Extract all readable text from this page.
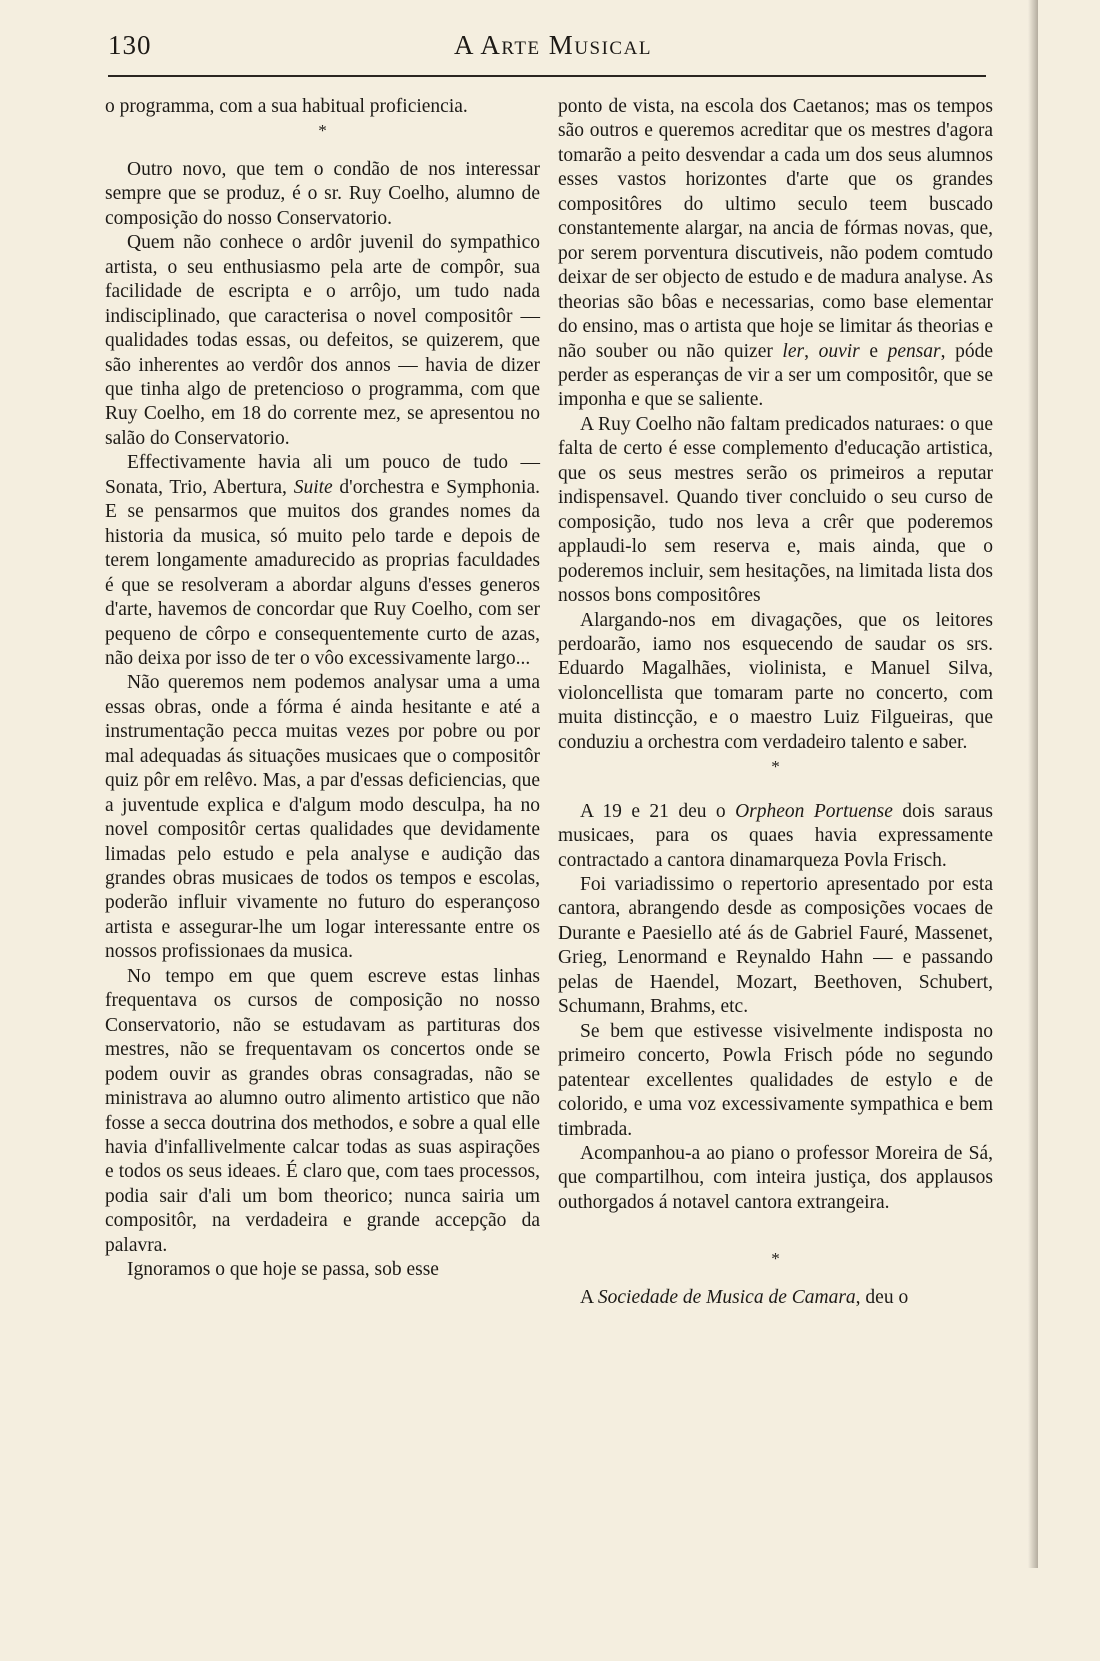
130	A Arte Musical

o programma, com a sua habitual proficiencia.

*

Outro novo, que tem o condão de nos interessar sempre que se produz, é o sr. Ruy Coelho, alumno de composição do nosso Conservatorio.

Quem não conhece o ardôr juvenil do sympathico artista, o seu enthusiasmo pela arte de compôr, sua facilidade de escripta e o arrôjo, um tudo nada indisciplinado, que caracterisa o novel compositôr — qualidades todas essas, ou defeitos, se quizerem, que são inherentes ao verdôr dos annos — havia de dizer que tinha algo de pretencioso o programma, com que Ruy Coelho, em 18 do corrente mez, se apresentou no salão do Conservatorio.

Effectivamente havia ali um pouco de tudo — Sonata, Trio, Abertura, Suite d'orchestra e Symphonia. E se pensarmos que muitos dos grandes nomes da historia da musica, só muito pelo tarde e depois de terem longamente amadurecido as proprias faculdades é que se resolveram a abordar alguns d'esses generos d'arte, havemos de concordar que Ruy Coelho, com ser pequeno de côrpo e consequentemente curto de azas, não deixa por isso de ter o vôo excessivamente largo...

Não queremos nem podemos analysar uma a uma essas obras, onde a fórma é ainda hesitante e até a instrumentação pecca muitas vezes por pobre ou por mal adequadas ás situações musicaes que o compositôr quiz pôr em relêvo. Mas, a par d'essas deficiencias, que a juventude explica e d'algum modo desculpa, ha no novel compositôr certas qualidades que devidamente limadas pelo estudo e pela analyse e audição das grandes obras musicaes de todos os tempos e escolas, poderão influir vivamente no futuro do esperançoso artista e assegurar-lhe um logar interessante entre os nossos profissionaes da musica.

No tempo em que quem escreve estas linhas frequentava os cursos de composição no nosso Conservatorio, não se estudavam as partituras dos mestres, não se frequentavam os concertos onde se podem ouvir as grandes obras consagradas, não se ministrava ao alumno outro alimento artistico que não fosse a secca doutrina dos methodos, e sobre a qual elle havia d'infallivelmente calcar todas as suas aspirações e todos os seus ideaes. É claro que, com taes processos, podia sair d'ali um bom theorico; nunca sairia um compositôr, na verdadeira e grande accepção da palavra.

Ignoramos o que hoje se passa, sob esse

ponto de vista, na escola dos Caetanos; mas os tempos são outros e queremos acreditar que os mestres d'agora tomarão a peito desvendar a cada um dos seus alumnos esses vastos horizontes d'arte que os grandes compositôres do ultimo seculo teem buscado constantemente alargar, na ancia de fórmas novas, que, por serem porventura discutiveis, não podem comtudo deixar de ser objecto de estudo e de madura analyse. As theorias são bôas e necessarias, como base elementar do ensino, mas o artista que hoje se limitar ás theorias e não souber ou não quizer ler, ouvir e pensar, póde perder as esperanças de vir a ser um compositôr, que se imponha e que se saliente.

A Ruy Coelho não faltam predicados naturaes: o que falta de certo é esse complemento d'educação artistica, que os seus mestres serão os primeiros a reputar indispensavel. Quando tiver concluido o seu curso de composição, tudo nos leva a crêr que poderemos applaudi-lo sem reserva e, mais ainda, que o poderemos incluir, sem hesitações, na limitada lista dos nossos bons compositôres

Alargando-nos em divagações, que os leitores perdoarão, iamo nos esquecendo de saudar os srs. Eduardo Magalhães, violinista, e Manuel Silva, violoncellista que tomaram parte no concerto, com muita distincção, e o maestro Luiz Filgueiras, que conduziu a orchestra com verdadeiro talento e saber.

*

A 19 e 21 deu o Orpheon Portuense dois saraus musicaes, para os quaes havia expressamente contractado a cantora dinamarqueza Povla Frisch.

Foi variadissimo o repertorio apresentado por esta cantora, abrangendo desde as composições vocaes de Durante e Paesiello até ás de Gabriel Fauré, Massenet, Grieg, Lenormand e Reynaldo Hahn — e passando pelas de Haendel, Mozart, Beethoven, Schubert, Schumann, Brahms, etc.

Se bem que estivesse visivelmente indisposta no primeiro concerto, Powla Frisch póde no segundo patentear excellentes qualidades de estylo e de colorido, e uma voz excessivamente sympathica e bem timbrada.

Acompanhou-a ao piano o professor Moreira de Sá, que compartilhou, com inteira justiça, dos applausos outhorgados á notavel cantora extrangeira.

*

A Sociedade de Musica de Camara, deu o
